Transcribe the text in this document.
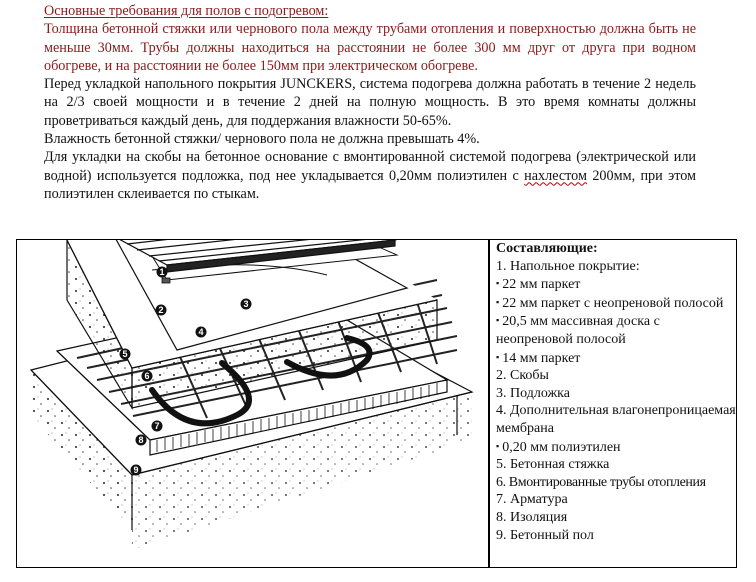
Основные требования для полов с подогревом:
Толщина бетонной стяжки или чернового пола между трубами отопления и поверхностью должна быть не меньше 30мм. Трубы должны находиться на расстоянии не более 300 мм друг от друга при водном обогреве, и на расстоянии не более 150мм при электрическом обогреве.
Перед укладкой напольного покрытия JUNCKERS, система подогрева должна работать в течение 2 недель на 2/3 своей мощности и в течение 2 дней на полную мощность. В это время комнаты должны проветриваться каждый день, для поддержания влажности 50-65%.
Влажность бетонной стяжки/ чернового пола не должна превышать 4%.
Для укладки на скобы на бетонное основание с вмонтированной системой подогрева (электрической или водной) используется подложка, под нее укладывается 0,20мм полиэтилен с нахлестом 200мм, при этом полиэтилен склеивается по стыкам.
1
2
3
4
5
6
7
8
9
Составляющие:
1. Напольное покрытие:
▪ 22 мм паркет
▪ 22 мм паркет с неопреновой полосой
▪ 20,5 мм массивная доска с неопреновой полосой
▪ 14 мм паркет
2. Скобы
3. Подложка
4. Дополнительная влагонепроницаемая мембрана
▪ 0,20 мм полиэтилен
5. Бетонная стяжка
6. Вмонтированные трубы отопления
7. Арматура
8. Изоляция
9. Бетонный пол
